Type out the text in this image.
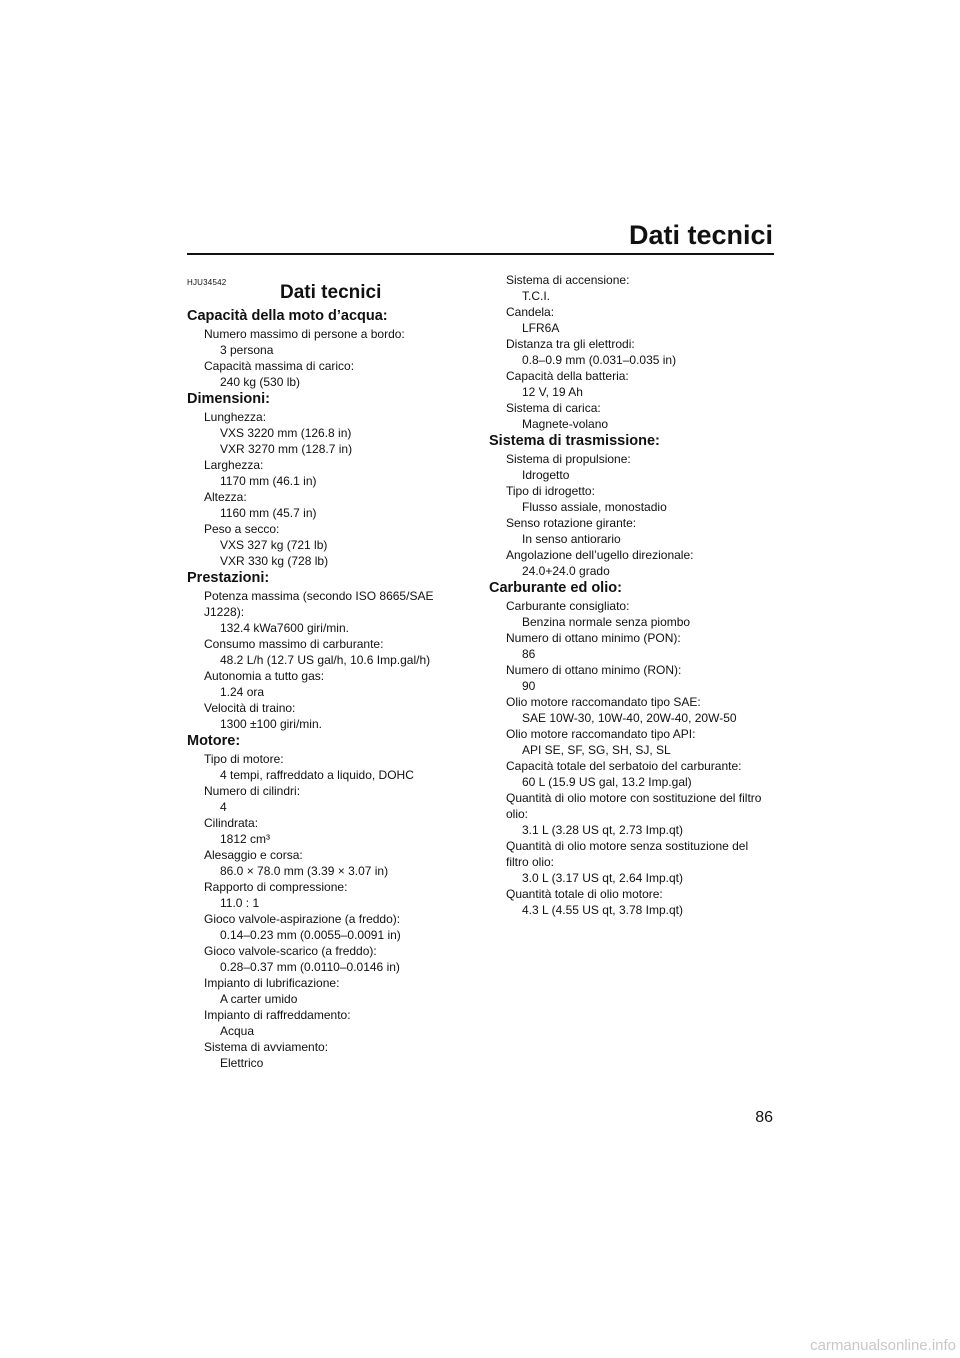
Dati tecnici
HJU34542	Dati tecnici
Capacità della moto d’acqua:
Numero massimo di persone a bordo:
3 persona
Capacità massima di carico:
240 kg (530 lb)
Dimensioni:
Lunghezza:
VXS 3220 mm (126.8 in)
VXR 3270 mm (128.7 in)
Larghezza:
1170 mm (46.1 in)
Altezza:
1160 mm (45.7 in)
Peso a secco:
VXS 327 kg (721 lb)
VXR 330 kg (728 lb)
Prestazioni:
Potenza massima (secondo ISO 8665/SAE
J1228):
132.4 kWa7600 giri/min.
Consumo massimo di carburante:
48.2 L/h (12.7 US gal/h, 10.6 Imp.gal/h)
Autonomia a tutto gas:
1.24 ora
Velocità di traino:
1300 ±100 giri/min.
Motore:
Tipo di motore:
4 tempi, raffreddato a liquido, DOHC
Numero di cilindri:
4
Cilindrata:
1812 cm³
Alesaggio e corsa:
86.0 × 78.0 mm (3.39 × 3.07 in)
Rapporto di compressione:
11.0 : 1
Gioco valvole-aspirazione (a freddo):
0.14–0.23 mm (0.0055–0.0091 in)
Gioco valvole-scarico (a freddo):
0.28–0.37 mm (0.0110–0.0146 in)
Impianto di lubrificazione:
A carter umido
Impianto di raffreddamento:
Acqua
Sistema di avviamento:
Elettrico
Sistema di accensione:
T.C.I.
Candela:
LFR6A
Distanza tra gli elettrodi:
0.8–0.9 mm (0.031–0.035 in)
Capacità della batteria:
12 V, 19 Ah
Sistema di carica:
Magnete-volano
Sistema di trasmissione:
Sistema di propulsione:
Idrogetto
Tipo di idrogetto:
Flusso assiale, monostadio
Senso rotazione girante:
In senso antiorario
Angolazione dell’ugello direzionale:
24.0+24.0 grado
Carburante ed olio:
Carburante consigliato:
Benzina normale senza piombo
Numero di ottano minimo (PON):
86
Numero di ottano minimo (RON):
90
Olio motore raccomandato tipo SAE:
SAE 10W-30, 10W-40, 20W-40, 20W-50
Olio motore raccomandato tipo API:
API SE, SF, SG, SH, SJ, SL
Capacità totale del serbatoio del carburante:
60 L (15.9 US gal, 13.2 Imp.gal)
Quantità di olio motore con sostituzione del filtro
olio:
3.1 L (3.28 US qt, 2.73 Imp.qt)
Quantità di olio motore senza sostituzione del
filtro olio:
3.0 L (3.17 US qt, 2.64 Imp.qt)
Quantità totale di olio motore:
4.3 L (4.55 US qt, 3.78 Imp.qt)
86
carmanualsonline.info
